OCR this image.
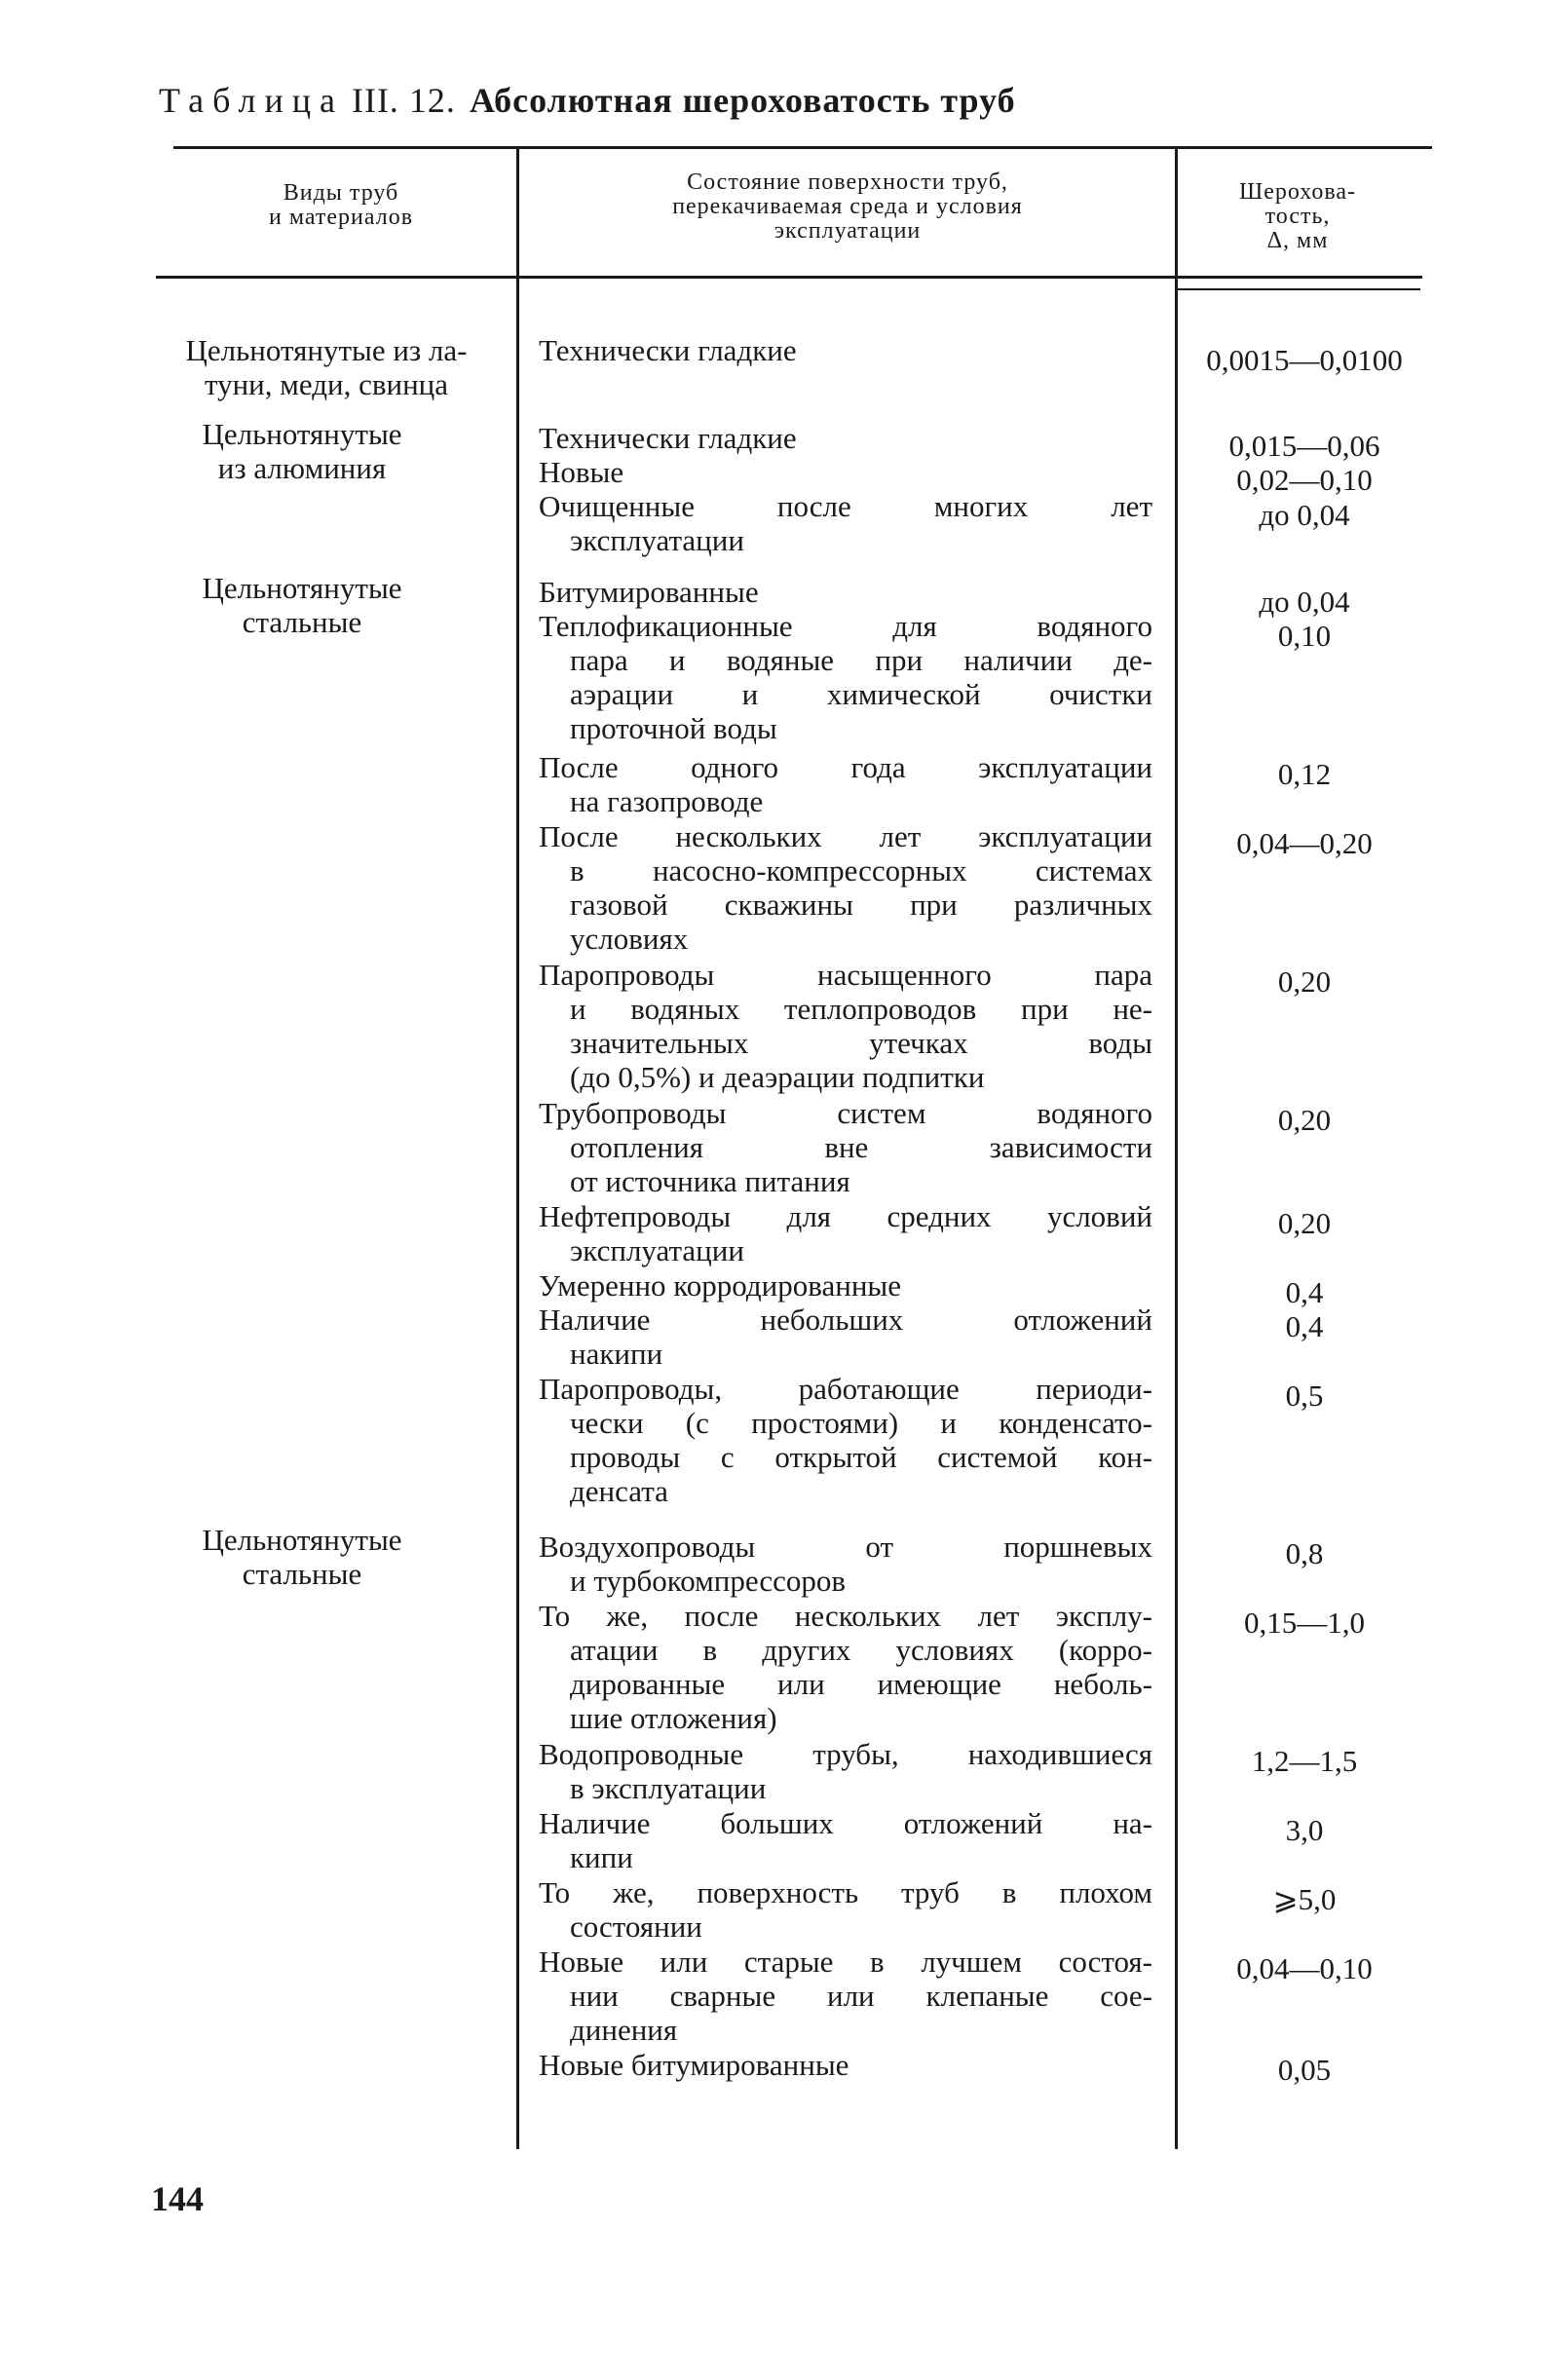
Таблица III. 12. Абсолютная шероховатость труб
Виды труб
и материалов
Состояние поверхности труб,
перекачиваемая среда и условия
эксплуатации
Шерохова-
тость,
Δ, мм
Цельнотянутые из ла-
туни, меди, свинца
Цельнотянутые
из алюминия
Цельнотянутые
стальные
Цельнотянутые
стальные
Технически гладкие
Технически гладкие
Новые
Очищенные после многих лет
эксплуатации
Битумированные
Теплофикационные для водяного
пара и водяные при наличии де-
аэрации и химической очистки
проточной воды
После одного года эксплуатации
на газопроводе
После нескольких лет эксплуатации
в насосно-компрессорных системах
газовой скважины при различных
условиях
Паропроводы насыщенного пара
и водяных теплопроводов при не-
значительных утечках воды
(до 0,5%) и деаэрации подпитки
Трубопроводы систем водяного
отопления вне зависимости
от источника питания
Нефтепроводы для средних условий
эксплуатации
Умеренно корродированные
Наличие небольших отложений
накипи
Паропроводы, работающие периоди-
чески (с простоями) и конденсато-
проводы с открытой системой кон-
денсата
Воздухопроводы от поршневых
и турбокомпрессоров
То же, после нескольких лет эксплу-
атации в других условиях (корро-
дированные или имеющие неболь-
шие отложения)
Водопроводные трубы, находившиеся
в эксплуатации
Наличие больших отложений на-
кипи
То же, поверхность труб в плохом
состоянии
Новые или старые в лучшем состоя-
нии сварные или клепаные сое-
динения
Новые битумированные
0,0015—0,0100
0,015—0,06
0,02—0,10
до 0,04
до 0,04
0,10
0,12
0,04—0,20
0,20
0,20
0,20
0,4
0,4
0,5
0,8
0,15—1,0
1,2—1,5
3,0
⩾5,0
0,04—0,10
0,05
144
